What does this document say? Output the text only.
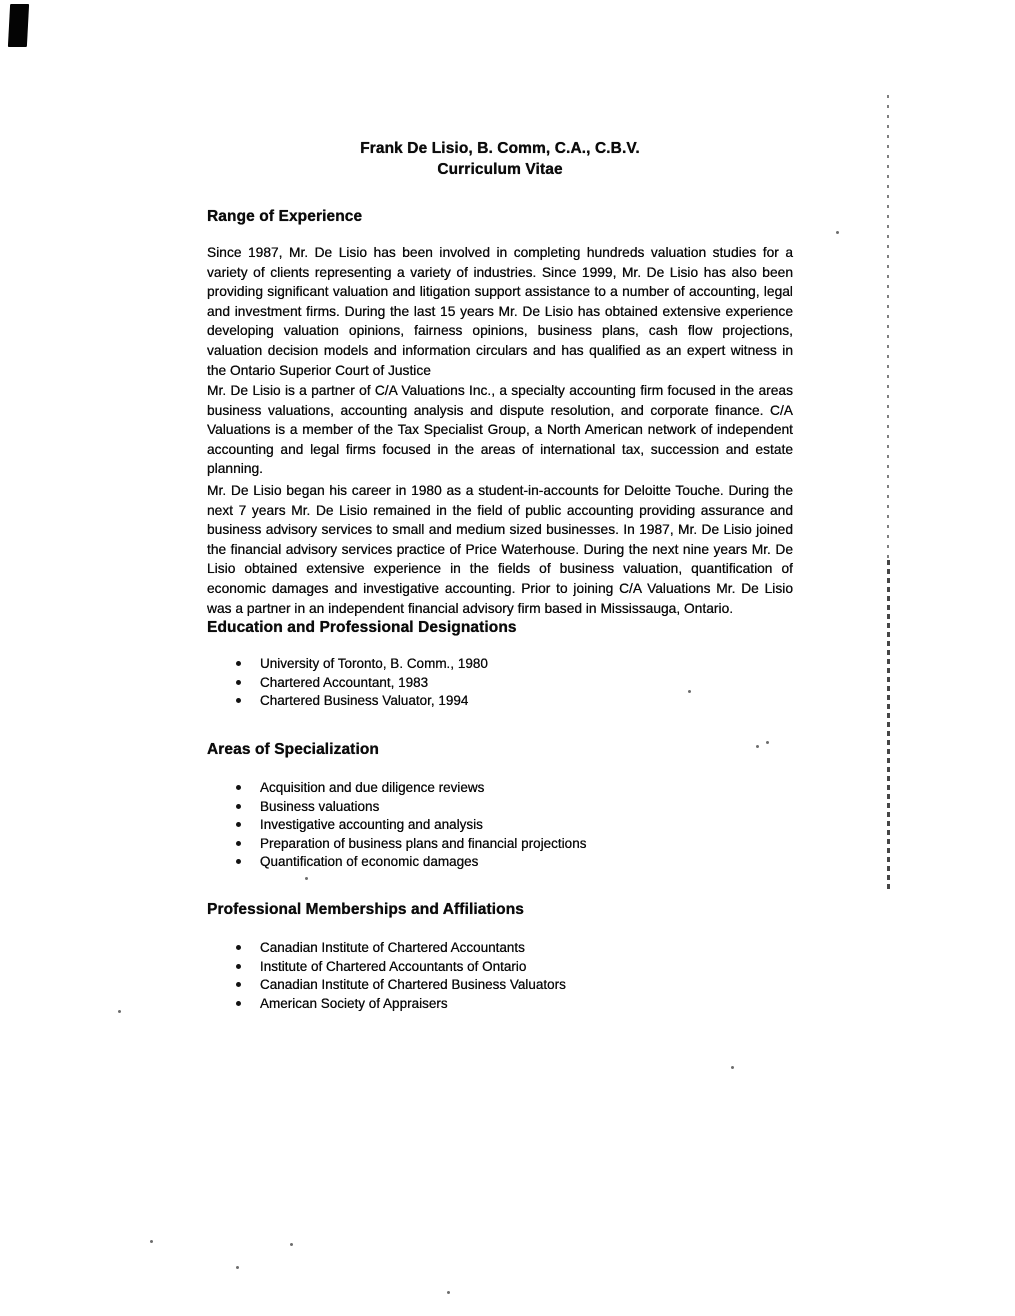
Frank De Lisio, B. Comm, C.A., C.B.V.
Curriculum Vitae
Range of Experience

Since 1987, Mr. De Lisio has been involved in completing hundreds valuation studies for a variety of clients representing a variety of industries. Since 1999, Mr. De Lisio has also been providing significant valuation and litigation support assistance to a number of accounting, legal and investment firms. During the last 15 years Mr. De Lisio has obtained extensive experience developing valuation opinions, fairness opinions, business plans, cash flow projections, valuation decision models and information circulars and has qualified as an expert witness in the Ontario Superior Court of Justice

Mr. De Lisio is a partner of C/A Valuations Inc., a specialty accounting firm focused in the areas business valuations, accounting analysis and dispute resolution, and corporate finance. C/A Valuations is a member of the Tax Specialist Group, a North American network of independent accounting and legal firms focused in the areas of international tax, succession and estate planning.

Mr. De Lisio began his career in 1980 as a student-in-accounts for Deloitte Touche. During the next 7 years Mr. De Lisio remained in the field of public accounting providing assurance and business advisory services to small and medium sized businesses. In 1987, Mr. De Lisio joined the financial advisory services practice of Price Waterhouse. During the next nine years Mr. De Lisio obtained extensive experience in the fields of business valuation, quantification of economic damages and investigative accounting. Prior to joining C/A Valuations Mr. De Lisio was a partner in an independent financial advisory firm based in Mississauga, Ontario.

Education and Professional Designations
University of Toronto, B. Comm., 1980
Chartered Accountant, 1983
Chartered Business Valuator, 1994
Areas of Specialization
Acquisition and due diligence reviews
Business valuations
Investigative accounting and analysis
Preparation of business plans and financial projections
Quantification of economic damages
Professional Memberships and Affiliations
Canadian Institute of Chartered Accountants
Institute of Chartered Accountants of Ontario
Canadian Institute of Chartered Business Valuators
American Society of Appraisers
